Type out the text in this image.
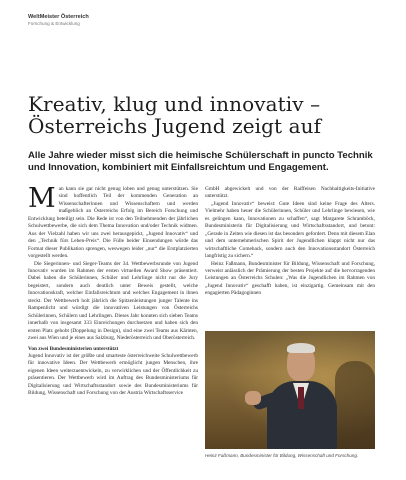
WeltMeister Österreich
Forschung & Entwicklung
Kreativ, klug und innovativ –
Österreichs Jugend zeigt auf

Alle Jahre wieder misst sich die heimische Schülerschaft in puncto Technik und Innovation, kombiniert mit Einfallsreichtum und Engagement.

Man kann sie gar nicht genug loben und genug unterstützen. Sie sind hoffentlich Teil der kommenden Generation an Wissenschafterinnen und Wissenschaftern und werden maßgeblich an Österreichs Erfolg im Bereich Forschung und Entwicklung beteiligt sein. Die Rede ist von den Teilnehmenden der jährlichen Schulwettbewerbe, die sich dem Thema Innovation und/oder Technik widmen. Aus der Vielzahl haben wir uns zwei herausgepickt, „Jugend Innovativ“ und den „Technik fürs Leben-Preis“. Die Fülle beider Einsendungen würde das Format dieser Publikation sprengen, weswegen leider „nur“ die Erstplatzierten vorgestellt werden.

Die Siegerinnen- und Sieger-Teams der 34. Wettbewerbsrunde von Jugend Innovativ wurden im Rahmen der ersten virtuellen Award Show präsentiert. Dabei haben die Schülerinnen, Schüler und Lehrlinge nicht nur die Jury begeistert, sondern auch deutlich unter Beweis gestellt, welche Innovationskraft, welcher Einfallsreichtum und welches Engagement in ihnen steckt. Der Wettbewerb holt jährlich die Spitzenleistungen junger Talente ins Rampenlicht und würdigt die innovativen Leistungen von Österreichs Schülerinnen, Schülern und Lehrlingen. Dieses Jahr konnten sich sieben Teams innerhalb von insgesamt 333 Einreichungen durchsetzen und haben sich den ersten Platz gehobt (Doppelung in Design), sind eine zwei Teams aus Kärnten, zwei aus Wien und je eines aus Salzburg, Niederösterreich und Oberösterreich.

Von zwei Bundesministerien unterstützt

Jugend Innovativ ist der größte und smarteste österreichweite Schulwettbewerb für innovative Ideen. Der Wettbewerb ermöglicht jungen Menschen, ihre eigenen Ideen weiterzuentwickeln, zu verwirklichen und der Öffentlichkeit zu präsentieren. Der Wettbewerb wird im Auftrag des Bundesministeriums für Digitalisierung und Wirtschaftsstandort sowie des Bundesministeriums für Bildung, Wissenschaft und Forschung von der Austria Wirtschaftsservice

GmbH abgewickelt und von der Raiffeisen Nachhaltigkeits-Initiative unterstützt.

„Jugend Innovativ“ beweist: Gute Ideen sind keine Frage des Alters. Vielmehr haben heuer die Schülerinnen, Schüler und Lehrlinge bewiesen, wie es gelingen kann, Innovationen zu schaffen“, sagt Margarete Schramböck, Bundesministerin für Digitalisierung und Wirtschaftsstandort, und betont: „Gerade in Zeiten wie diesen ist das besonders gefordert. Denn mit diesem Elan und dem unternehmerischen Spirit der Jugendlichen klappt nicht nur das wirtschaftliche Comeback, sondern auch den Innovationsstandort Österreich langfristig zu sichern.“

Heinz Faßmann, Bundesminister für Bildung, Wissenschaft und Forschung, verweist anlässlich der Prämierung der besten Projekte auf die hervorragenden Leistungen an Österreichs Schulen: „Was die Jugendlichen im Rahmen von „Jugend Innovativ“ geschafft haben, ist einzigartig. Gemeinsam mit den engagierten Pädagoginnen

Heinz Faßmann, Bundesminister für Bildung, Wissenschaft und Forschung.
